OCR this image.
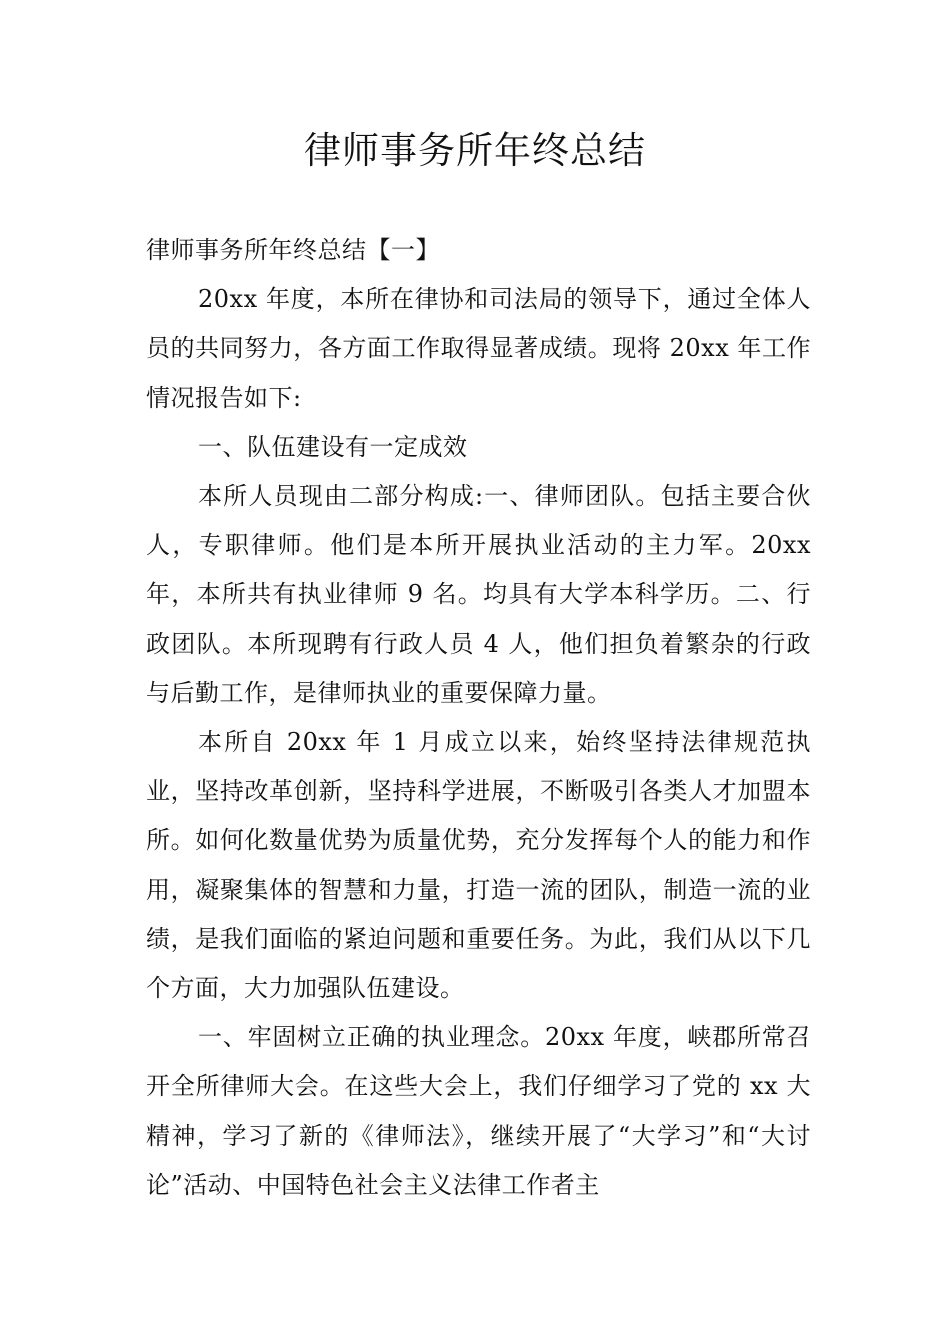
律师事务所年终总结

律师事务所年终总结【一】

20xx 年度，本所在律协和司法局的领导下，通过全体人员的共同努力，各方面工作取得显著成绩。现将 20xx 年工作情况报告如下:

一、队伍建设有一定成效

本所人员现由二部分构成:一、律师团队。包括主要合伙人，专职律师。他们是本所开展执业活动的主力军。20xx 年，本所共有执业律师 9 名。均具有大学本科学历。二、行政团队。本所现聘有行政人员 4 人，他们担负着繁杂的行政与后勤工作，是律师执业的重要保障力量。

本所自 20xx 年 1 月成立以来，始终坚持法律规范执业，坚持改革创新，坚持科学进展，不断吸引各类人才加盟本所。如何化数量优势为质量优势，充分发挥每个人的能力和作用，凝聚集体的智慧和力量，打造一流的团队，制造一流的业绩，是我们面临的紧迫问题和重要任务。为此，我们从以下几个方面，大力加强队伍建设。

一、牢固树立正确的执业理念。20xx 年度，峡郡所常召开全所律师大会。在这些大会上，我们仔细学习了党的 xx 大精神，学习了新的《律师法》，继续开展了“大学习”和“大讨论”活动、中国特色社会主义法律工作者主
